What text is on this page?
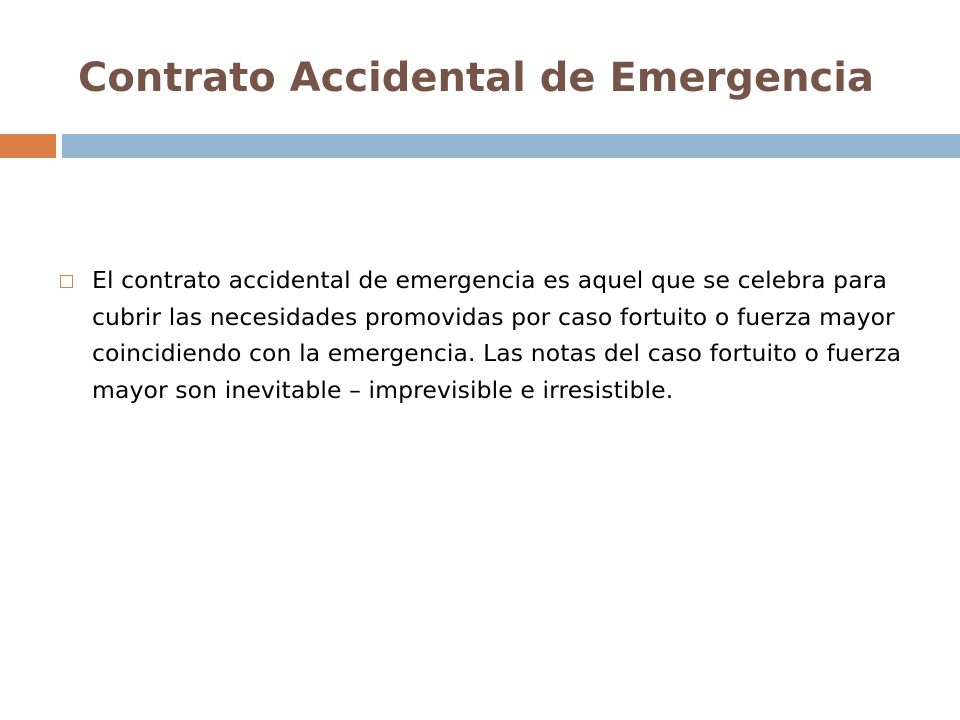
Contrato Accidental de Emergencia

El contrato accidental de emergencia es aquel que se celebra para cubrir las necesidades promovidas por caso fortuito o fuerza mayor coincidiendo con la emergencia. Las notas del caso fortuito o fuerza mayor son inevitable – imprevisible e irresistible.
